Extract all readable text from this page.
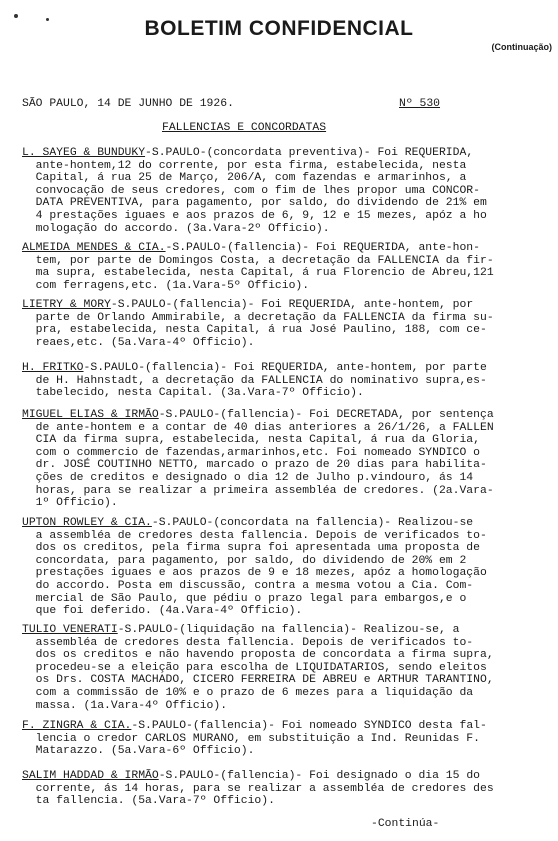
BOLETIM CONFIDENCIAL
(Continuação)
SÃO PAULO, 14 DE JUNHO DE 1926.	Nº 530
FALLENCIAS E CONCORDATAS
L. SAYEG & BUNDUKY-S.PAULO-(concordata preventiva)- Foi REQUERIDA,
ante-hontem,12 do corrente, por esta firma, estabelecida, nesta
Capital, á rua 25 de Março, 206/A, com fazendas e armarinhos, a
convocação de seus credores, com o fim de lhes propor uma CONCOR-
DATA PREVENTIVA, para pagamento, por saldo, do dividendo de 21% em
4 prestações iguaes e aos prazos de 6, 9, 12 e 15 mezes, apóz a ho
mologação do accordo. (3a.Vara-2º Officio).
ALMEIDA MENDES & CIA.-S.PAULO-(fallencia)- Foi REQUERIDA, ante-hon-
tem, por parte de Domingos Costa, a decretação da FALLENCIA da fir-
ma supra, estabelecida, nesta Capital, á rua Florencio de Abreu,121
com ferragens,etc. (1a.Vara-5º Officio).
LIETRY & MORY-S.PAULO-(fallencia)- Foi REQUERIDA, ante-hontem, por
parte de Orlando Ammirabile, a decretação da FALLENCIA da firma su-
pra, estabelecida, nesta Capital, á rua José Paulino, 188, com ce-
reaes,etc. (5a.Vara-4º Officio).
H. FRITKO-S.PAULO-(fallencia)- Foi REQUERIDA, ante-hontem, por parte
de H. Hahnstadt, a decretação da FALLENCIA do nominativo supra,es-
tabelecido, nesta Capital. (3a.Vara-7º Officio).
MIGUEL ELIAS & IRMÃO-S.PAULO-(fallencia)- Foi DECRETADA, por sentença
de ante-hontem e a contar de 40 dias anteriores a 26/1/26, a FALLEN
CIA da firma supra, estabelecida, nesta Capital, á rua da Gloria,
com o commercio de fazendas,armarinhos,etc. Foi nomeado SYNDICO o
dr. JOSÉ COUTINHO NETTO, marcado o prazo de 20 dias para habilita-
ções de creditos e designado o dia 12 de Julho p.vindouro, ás 14
horas, para se realizar a primeira assembléa de credores. (2a.Vara-
1º Officio).
UPTON ROWLEY & CIA.-S.PAULO-(concordata na fallencia)- Realizou-se
a assembléa de credores desta fallencia. Depois de verificados to-
dos os creditos, pela firma supra foi apresentada uma proposta de
concordata, para pagamento, por saldo, do dividendo de 20% em 2
prestações iguaes e aos prazos de 9 e 18 mezes, apóz a homologação
do accordo. Posta em discussão, contra a mesma votou a Cia. Com-
mercial de São Paulo, que pédiu o prazo legal para embargos,e o
que foi deferido. (4a.Vara-4º Officio).
TULIO VENERATI-S.PAULO-(liquidação na fallencia)- Realizou-se, a
assembléa de credores desta fallencia. Depois de verificados to-
dos os creditos e não havendo proposta de concordata a firma supra,
procedeu-se a eleição para escolha de LIQUIDATARIOS, sendo eleitos
os Drs. COSTA MACHADO, CICERO FERREIRA DE ABREU e ARTHUR TARANTINO,
com a commissão de 10% e o prazo de 6 mezes para a liquidação da
massa. (1a.Vara-4º Officio).
F. ZINGRA & CIA.-S.PAULO-(fallencia)- Foi nomeado SYNDICO desta fal-
lencia o credor CARLOS MURANO, em substituição a Ind. Reunidas F.
Matarazzo. (5a.Vara-6º Officio).
SALIM HADDAD & IRMÃO-S.PAULO-(fallencia)- Foi designado o dia 15 do
corrente, ás 14 horas, para se realizar a assembléa de credores des
ta fallencia. (5a.Vara-7º Officio).
-Continúa-
